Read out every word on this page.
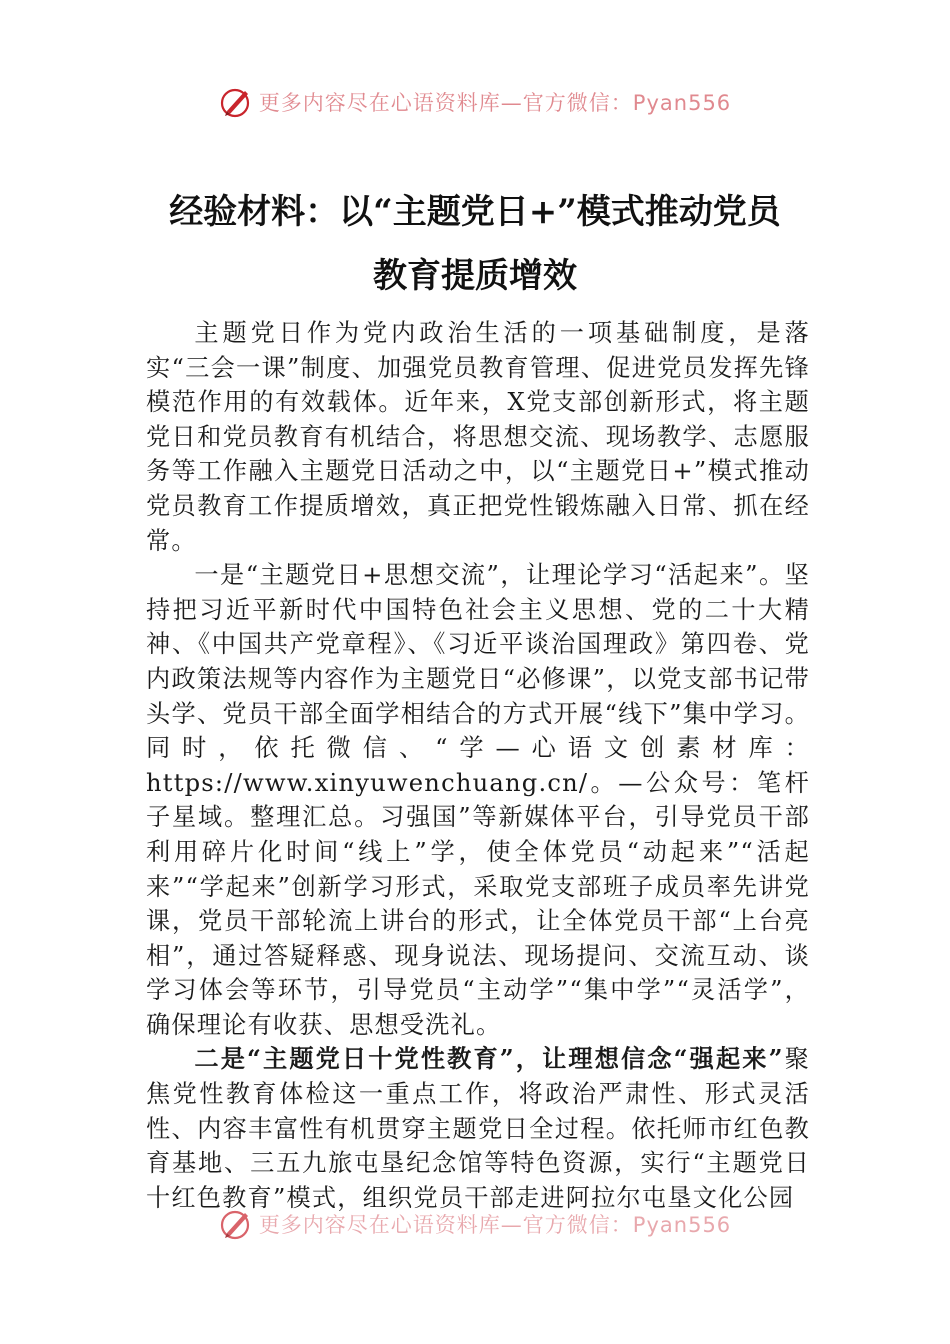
更多内容尽在心语资料库—官方微信：Pyan556
经验材料：以“主题党日+”模式推动党员
教育提质增效

主题党日作为党内政治生活的一项基础制度，是落实“三会一课”制度、加强党员教育管理、促进党员发挥先锋模范作用的有效载体。近年来，X党支部创新形式，将主题党日和党员教育有机结合，将思想交流、现场教学、志愿服务等工作融入主题党日活动之中，以“主题党日+”模式推动党员教育工作提质增效，真正把党性锻炼融入日常、抓在经常。

一是“主题党日+思想交流”，让理论学习“活起来”。坚持把习近平新时代中国特色社会主义思想、党的二十大精神、《中国共产党章程》、《习近平谈治国理政》第四卷、党内政策法规等内容作为主题党日“必修课”，以党支部书记带头学、党员干部全面学相结合的方式开展“线下”集中学习。同时，依托微信、“学—心语文创素材库：https://www.xinyuwenchuang.cn/。—公众号：笔杆子星域。整理汇总。习强国”等新媒体平台，引导党员干部利用碎片化时间“线上”学，使全体党员“动起来”“活起来”“学起来”创新学习形式，采取党支部班子成员率先讲党课，党员干部轮流上讲台的形式，让全体党员干部“上台亮相”，通过答疑释惑、现身说法、现场提问、交流互动、谈学习体会等环节，引导党员“主动学”“集中学”“灵活学”，确保理论有收获、思想受洗礼。

二是“主题党日十党性教育”，让理想信念“强起来”聚焦党性教育体检这一重点工作，将政治严肃性、形式灵活性、内容丰富性有机贯穿主题党日全过程。依托师市红色教育基地、三五九旅屯垦纪念馆等特色资源，实行“主题党日十红色教育”模式，组织党员干部走进阿拉尔屯垦文化公园

更多内容尽在心语资料库—官方微信：Pyan556
